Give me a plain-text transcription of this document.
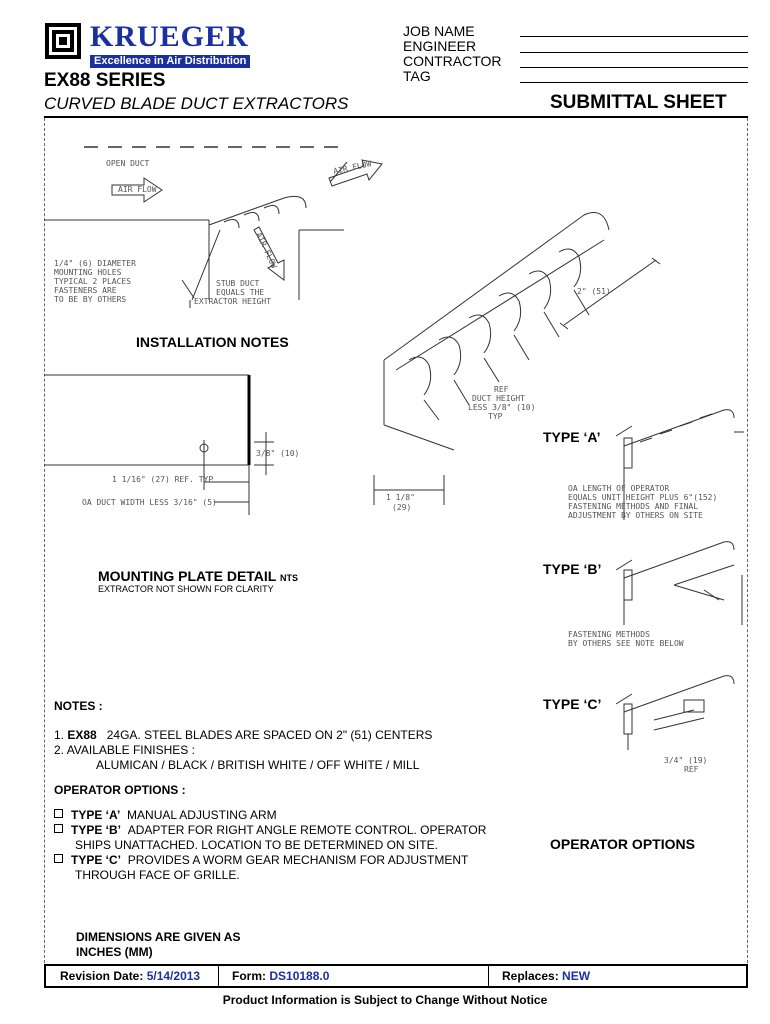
KRUEGER
Excellence in Air Distribution
EX88 SERIES
CURVED BLADE DUCT EXTRACTORS
JOB NAME
ENGINEER
CONTRACTOR
TAG
SUBMITTAL SHEET
OPEN DUCT
AIR FLOW
AIR FLOW
AIR FLOW
1/4" (6) DIAMETER
MOUNTING HOLES
TYPICAL 2 PLACES
FASTENERS ARE
TO BE BY OTHERS
STUB DUCT
EQUALS THE
EXTRACTOR HEIGHT
2" (51)
REF
DUCT HEIGHT
LESS 3/8" (10)
TYP
1 1/8"
(29)
3/8" (10)
1 1/16" (27) REF. TYP
OA DUCT WIDTH LESS 3/16" (5)
OA LENGTH OF OPERATOR
EQUALS UNIT HEIGHT PLUS 6"(152)
FASTENING METHODS AND FINAL
ADJUSTMENT BY OTHERS ON SITE
FASTENING METHODS
BY OTHERS SEE NOTE BELOW
3/4" (19)
REF
INSTALLATION NOTES
MOUNTING PLATE DETAIL NTS
EXTRACTOR NOT SHOWN FOR CLARITY
TYPE ‘A’
TYPE ‘B’
TYPE ‘C’
OPERATOR OPTIONS

NOTES :

1. EX88 24GA. STEEL BLADES ARE SPACED ON 2" (51) CENTERS

2. AVAILABLE FINISHES :

ALUMICAN / BLACK / BRITISH WHITE / OFF WHITE / MILL

OPERATOR OPTIONS :

TYPE ‘A’ MANUAL ADJUSTING ARM

TYPE ‘B’ ADAPTER FOR RIGHT ANGLE REMOTE CONTROL. OPERATOR

SHIPS UNATTACHED. LOCATION TO BE DETERMINED ON SITE.

TYPE ‘C’ PROVIDES A WORM GEAR MECHANISM FOR ADJUSTMENT

THROUGH FACE OF GRILLE.

DIMENSIONS ARE GIVEN AS
INCHES (MM)
Revision Date: 5/14/2013	Form: DS10188.0	Replaces: NEW
Product Information is Subject to Change Without Notice
